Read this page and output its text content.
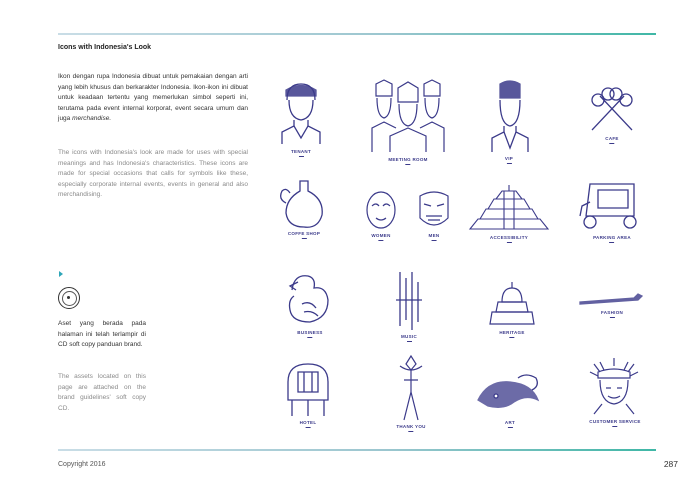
Icons with Indonesia's Look

Ikon dengan rupa Indonesia dibuat untuk pemakaian dengan arti yang lebih khusus dan berkarakter Indonesia. Ikon-ikon ini dibuat untuk keadaan tertentu yang memerlukan simbol seperti ini, terutama pada event internal korporat, event secara umum dan juga merchandise.

The icons with Indonesia's look are made for uses with special meanings and has Indonesia's characteristics. These icons are made for special occasions that calls for symbols like these, especially corporate internal events, events in general and also merchandising.

Aset yang berada pada halaman ini telah terlampir di CD soft copy panduan brand.

The assets located on this page are attached on the brand guidelines' soft copy CD.

TENANT
MEETING ROOM	VIP
CAFE
COFFE SHOP	WOMEN	MEN	ACCESSIBILITY	PARKING AREA
BUSINESS
MUSIC
HERITAGE
FASHION
HOTEL
THANK YOU
ART	CUSTOMER SERVICE
Copyright 2016	287
